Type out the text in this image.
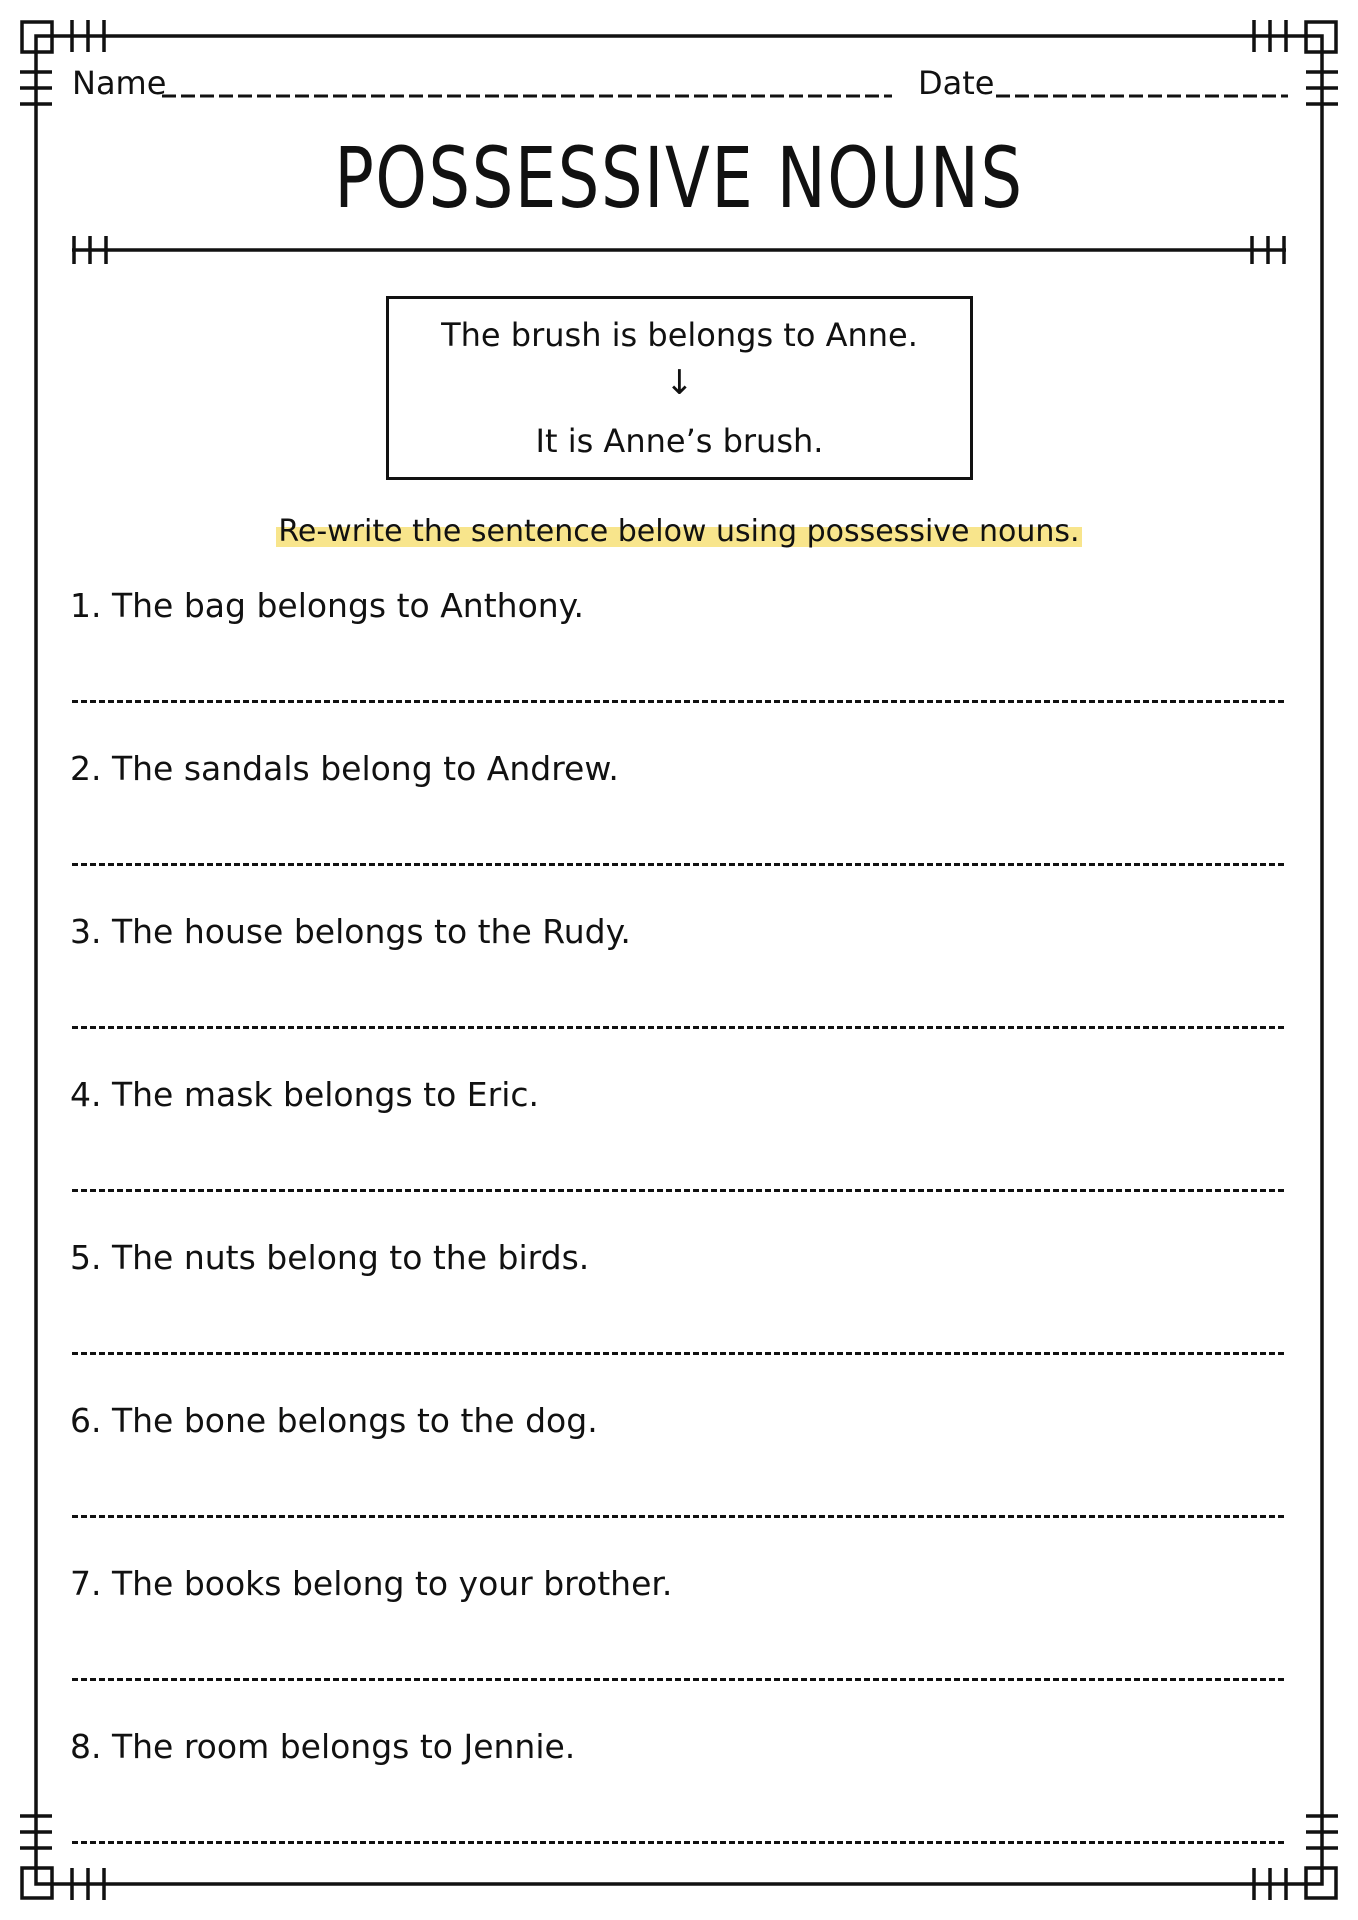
Name	Date
POSSESSIVE NOUNS
The brush is belongs to Anne.
↓
It is Anne’s brush.
Re-write the sentence below using possessive nouns.
1. The bag belongs to Anthony.
2. The sandals belong to Andrew.
3. The house belongs to the Rudy.
4. The mask belongs to Eric.
5. The nuts belong to the birds.
6. The bone belongs to the dog.
7. The books belong to your brother.
8. The room belongs to Jennie.
